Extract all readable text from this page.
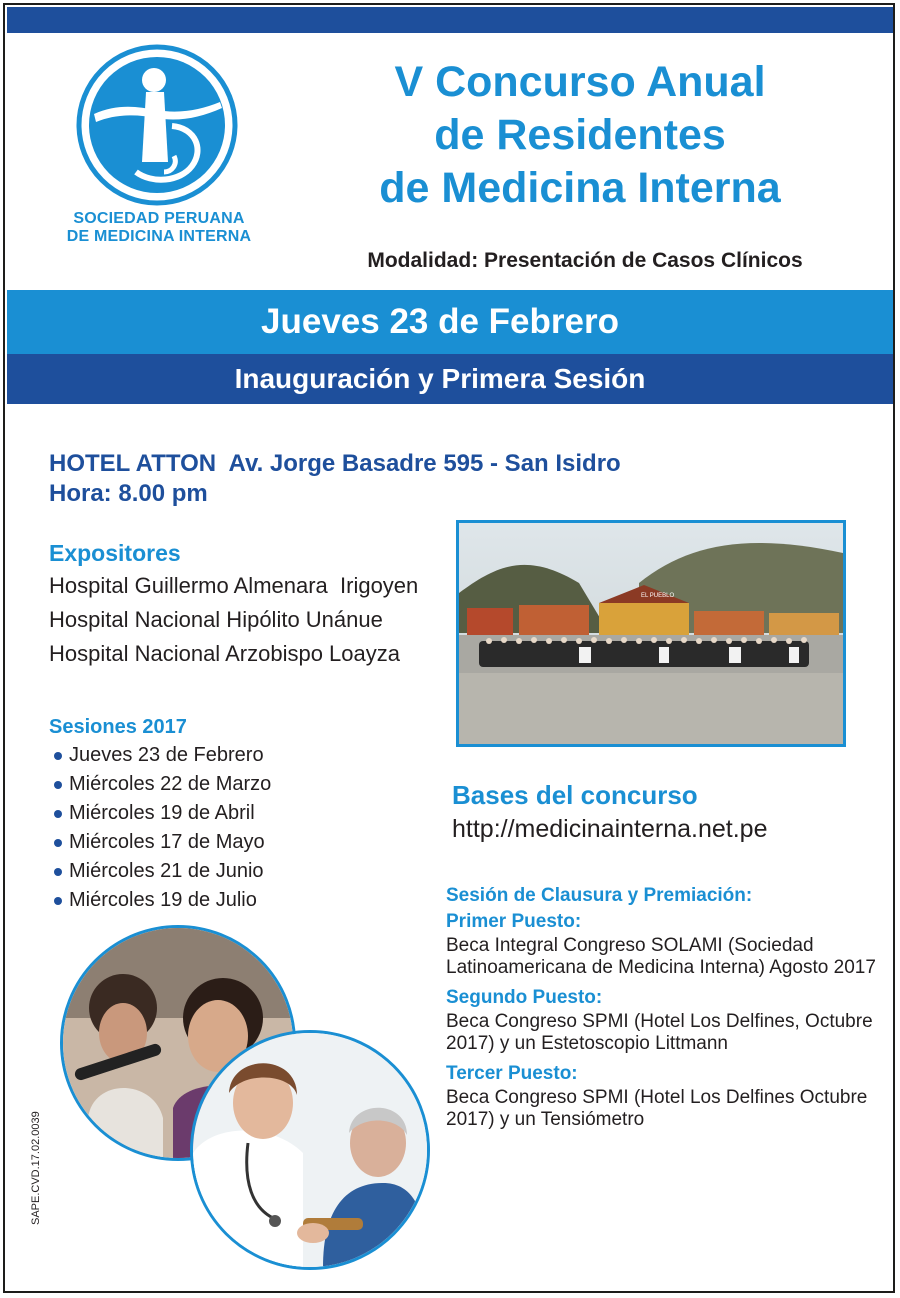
SOCIEDAD PERUANA
DE MEDICINA INTERNA
V Concurso Anual
de Residentes
de Medicina Interna
Modalidad: Presentación de Casos Clínicos
Jueves 23 de Febrero
Inauguración y Primera Sesión
HOTEL ATTON  Av. Jorge Basadre 595 - San Isidro
Hora: 8.00 pm
Expositores
Hospital Guillermo Almenara  Irigoyen
Hospital Nacional Hipólito Unánue
Hospital Nacional Arzobispo Loayza
Sesiones 2017
Jueves 23 de Febrero
Miércoles 22 de Marzo
Miércoles 19 de Abril
Miércoles 17 de Mayo
Miércoles 21 de Junio
Miércoles 19 de Julio
EL PUEBLO
Bases del concurso
http://medicinainterna.net.pe
Sesión de Clausura y Premiación:
Primer Puesto:
Beca Integral Congreso SOLAMI (Sociedad Latinoamericana de Medicina Interna) Agosto 2017
Segundo Puesto:
Beca Congreso SPMI (Hotel Los Delfines, Octubre 2017) y un Estetoscopio Littmann
Tercer Puesto:
Beca Congreso SPMI (Hotel Los Delfines Octubre 2017) y un Tensiómetro
SAPE.CVD.17.02.0039
